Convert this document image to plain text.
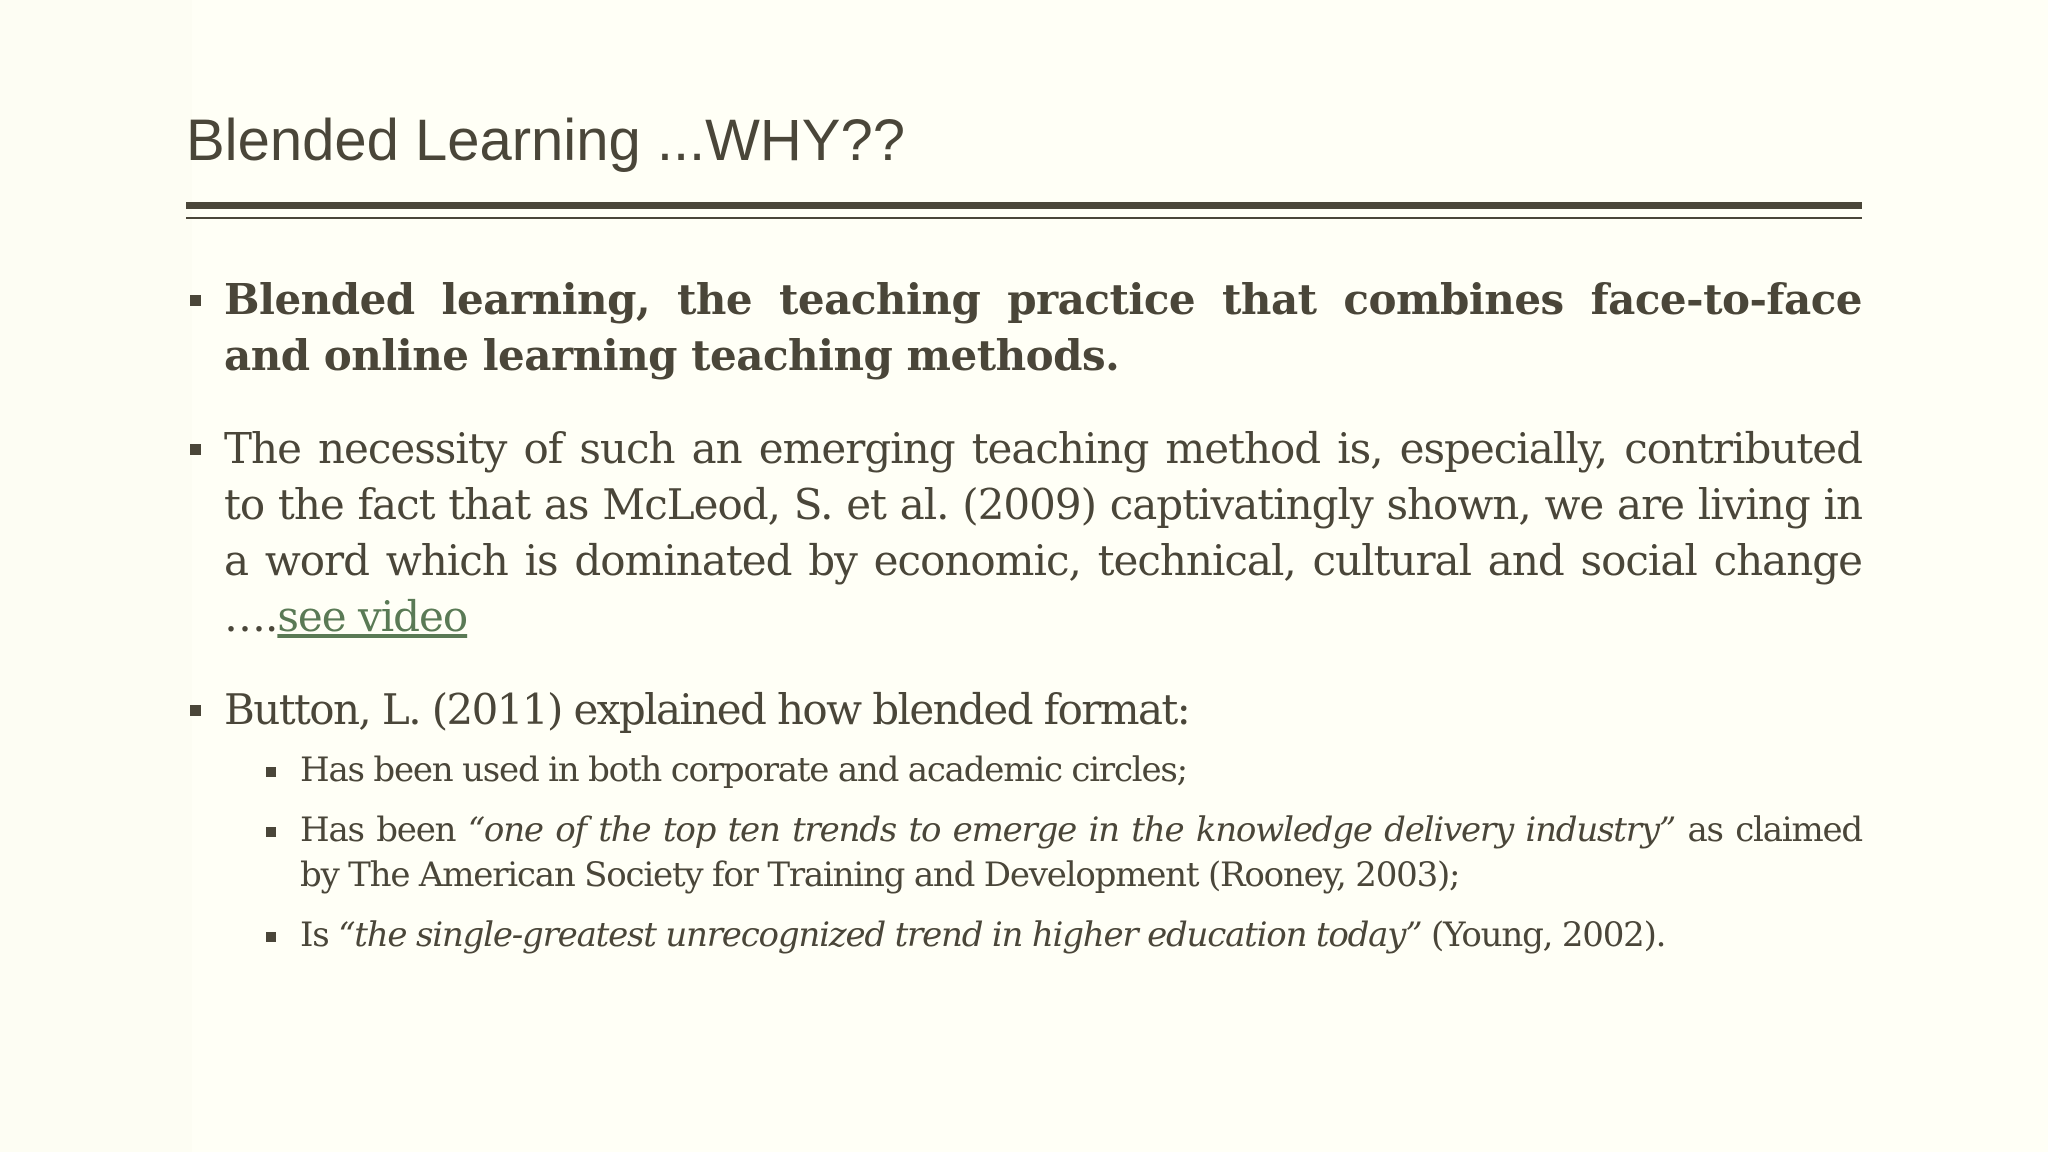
Blended Learning ...WHY??
Blended learning, the teaching practice that combines face-to-face and online learning teaching methods.
The necessity of such an emerging teaching method is, especially, contributed to the fact that as McLeod, S. et al. (2009) captivatingly shown, we are living in a word which is dominated by economic, technical, cultural and social change ….see video
Button, L. (2011) explained how blended format:
Has been used in both corporate and academic circles;
Has been “one of the top ten trends to emerge in the knowledge delivery industry” as claimed by The American Society for Training and Development (Rooney, 2003);
Is “the single-greatest unrecognized trend in higher education today” (Young, 2002).
